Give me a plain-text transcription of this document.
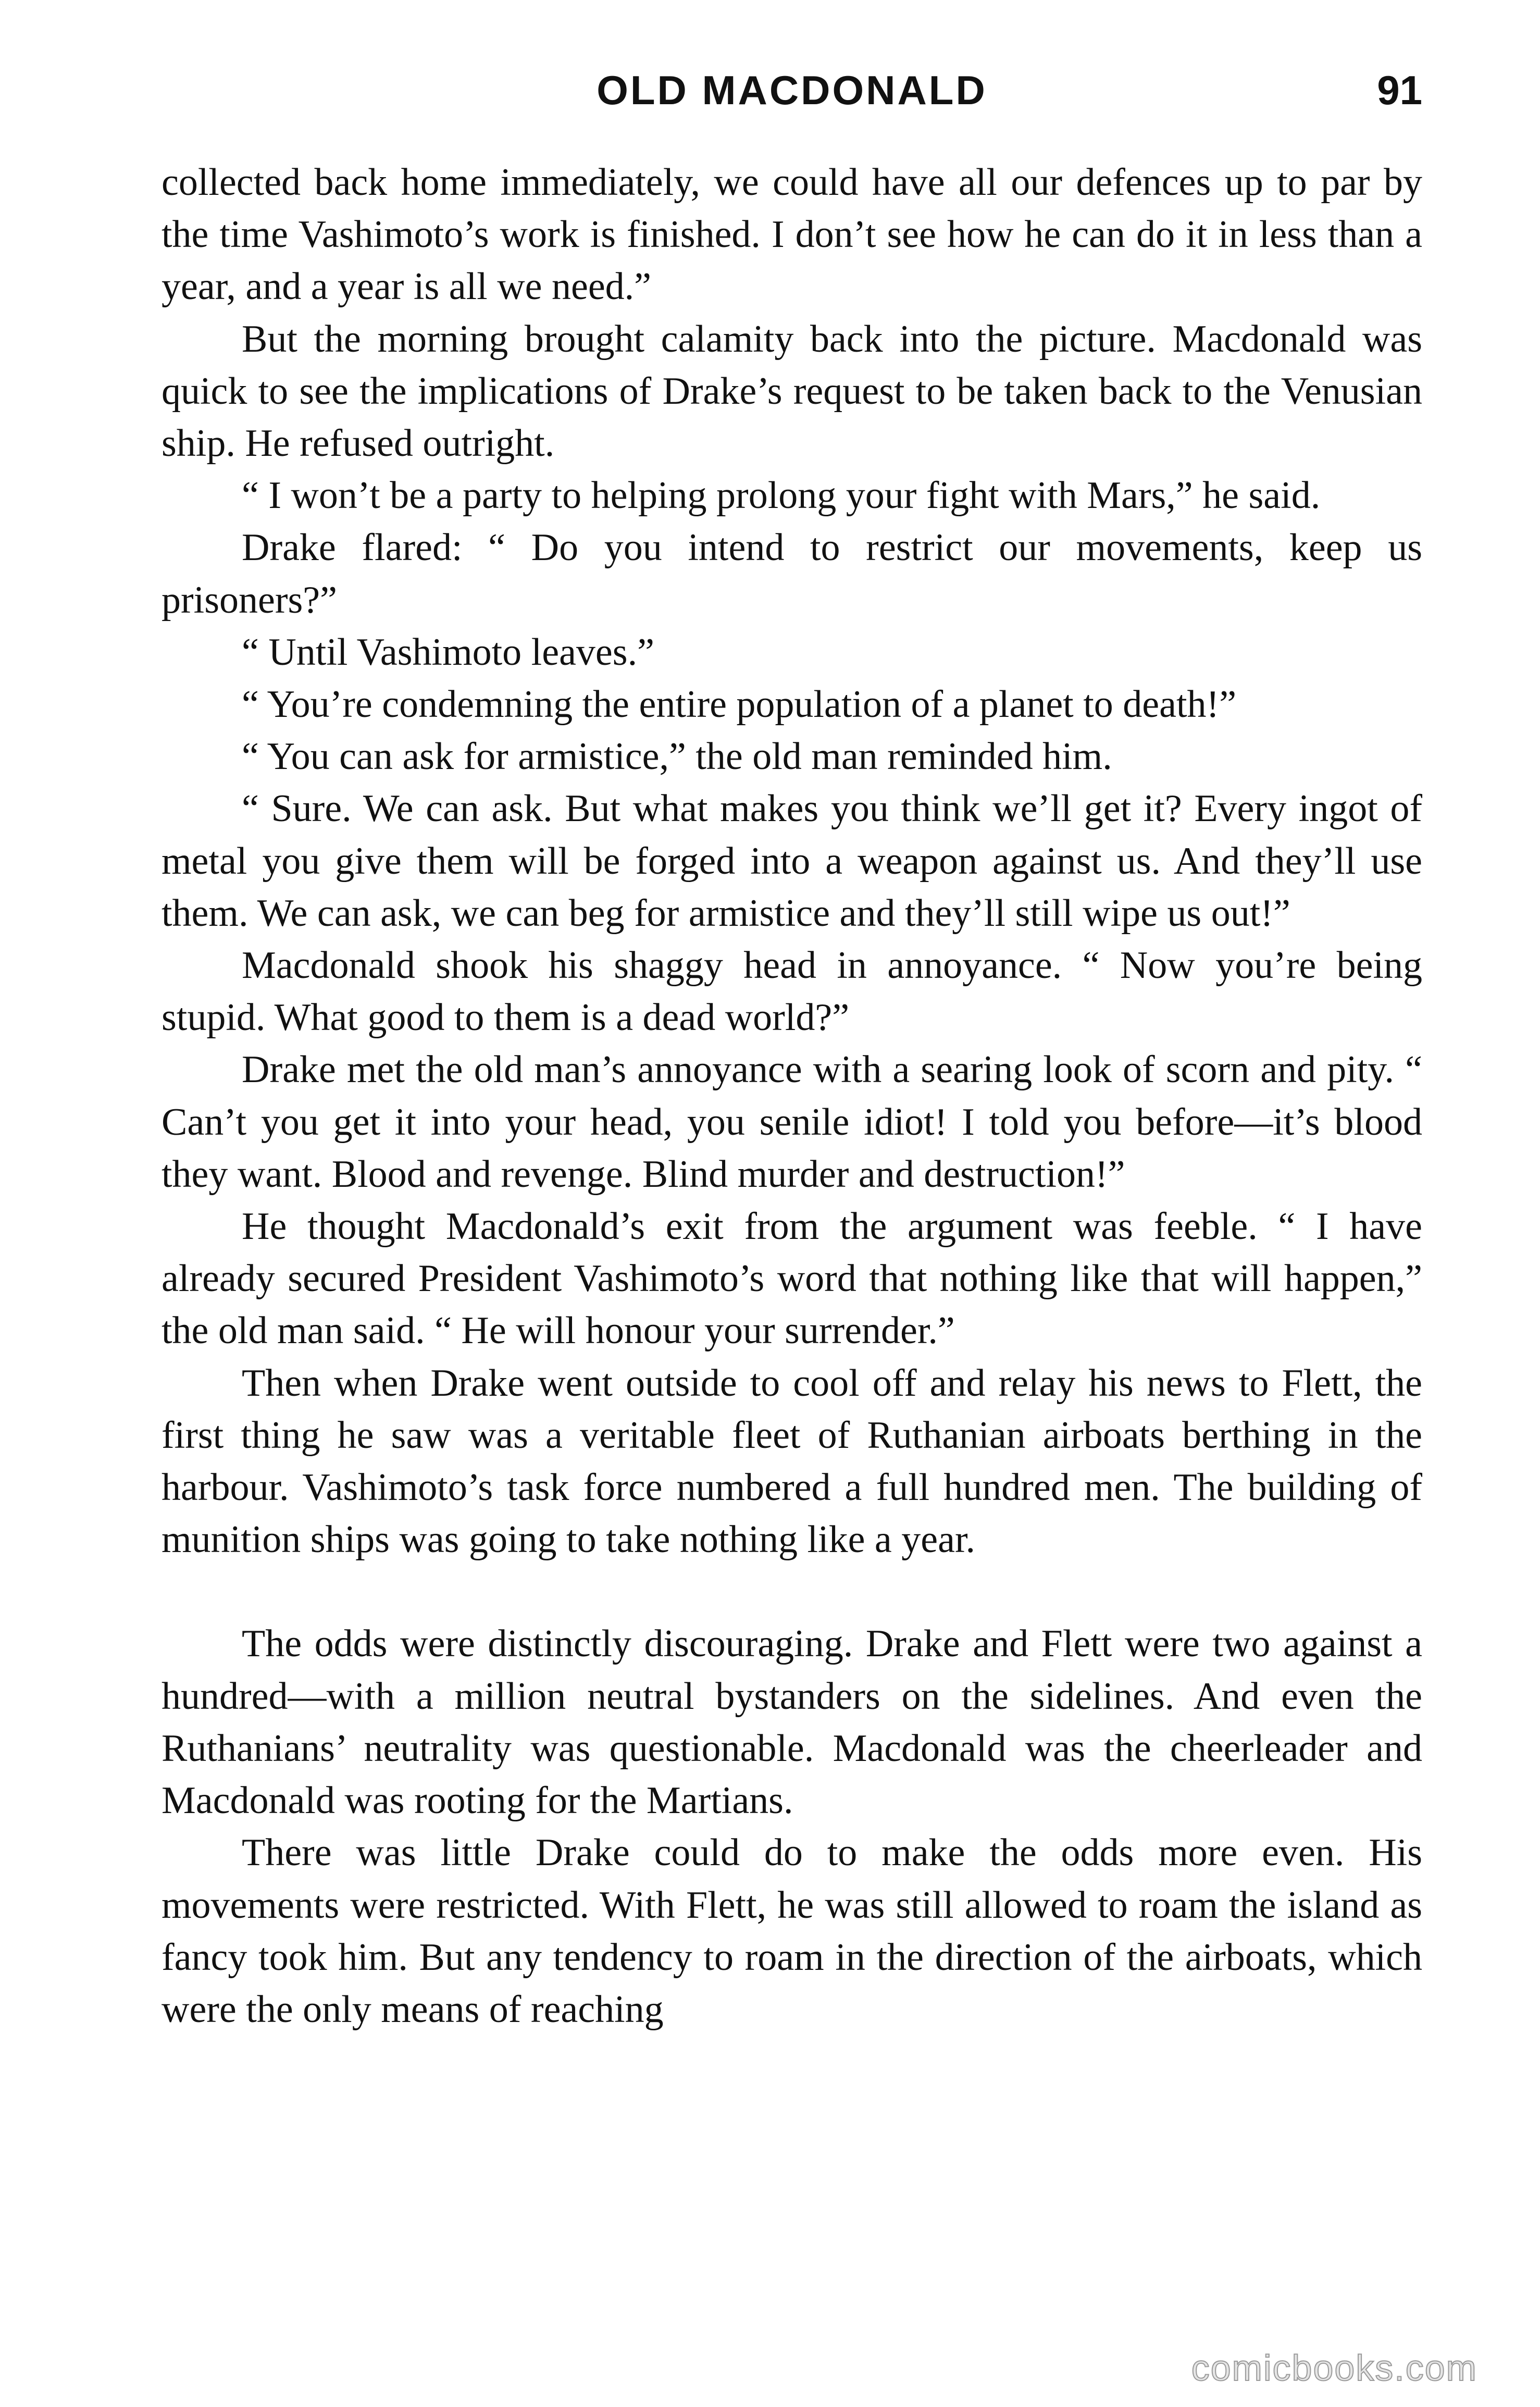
OLD MACDONALD	91

collected back home immediately, we could have all our defences up to par by the time Vashimoto’s work is finished. I don’t see how he can do it in less than a year, and a year is all we need.”

But the morning brought calamity back into the picture. Macdonald was quick to see the implications of Drake’s request to be taken back to the Venusian ship. He refused outright.

“ I won’t be a party to helping prolong your fight with Mars,” he said.

Drake flared: “ Do you intend to restrict our movements, keep us prisoners?”

“ Until Vashimoto leaves.”

“ You’re condemning the entire population of a planet to death!”

“ You can ask for armistice,” the old man reminded him.

“ Sure. We can ask. But what makes you think we’ll get it? Every ingot of metal you give them will be forged into a weapon against us. And they’ll use them. We can ask, we can beg for armistice and they’ll still wipe us out!”

Macdonald shook his shaggy head in annoyance. “ Now you’re being stupid. What good to them is a dead world?”

Drake met the old man’s annoyance with a searing look of scorn and pity. “ Can’t you get it into your head, you senile idiot! I told you before—it’s blood they want. Blood and revenge. Blind murder and destruction!”

He thought Macdonald’s exit from the argument was feeble. “ I have already secured President Vashimoto’s word that nothing like that will happen,” the old man said. “ He will honour your surrender.”

Then when Drake went outside to cool off and relay his news to Flett, the first thing he saw was a veritable fleet of Ruthanian airboats berthing in the harbour. Vashimoto’s task force numbered a full hundred men. The building of munition ships was going to take nothing like a year.

The odds were distinctly discouraging. Drake and Flett were two against a hundred—with a million neutral bystanders on the sidelines. And even the Ruthanians’ neutrality was questionable. Macdonald was the cheerleader and Macdonald was rooting for the Martians.

There was little Drake could do to make the odds more even. His movements were restricted. With Flett, he was still allowed to roam the island as fancy took him. But any tendency to roam in the direction of the airboats, which were the only means of reaching

comicbooks.com
